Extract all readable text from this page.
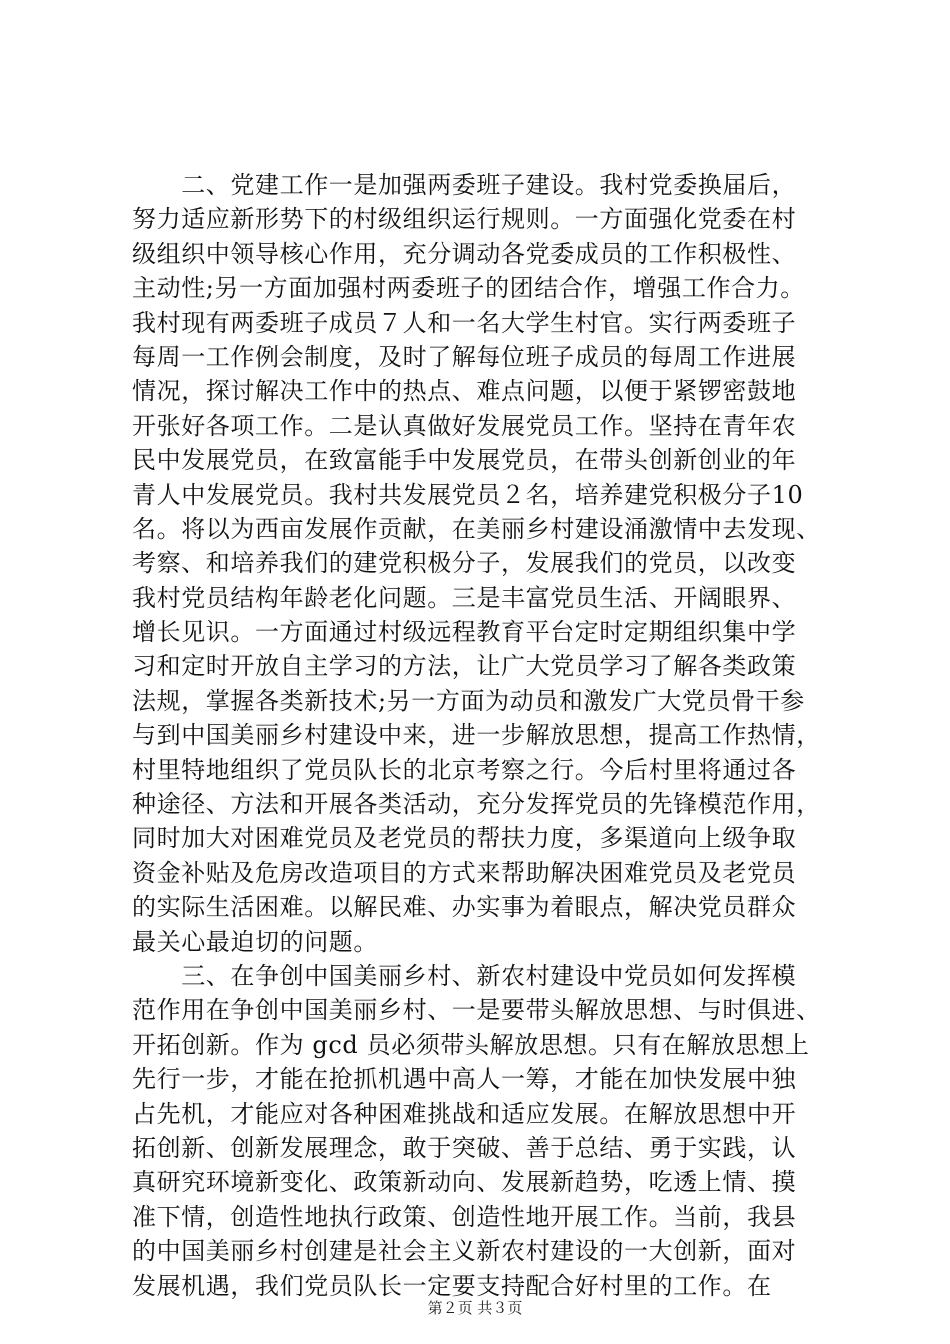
　　二、党建工作一是加强两委班子建设。我村党委换届后，
努力适应新形势下的村级组织运行规则。一方面强化党委在村
级组织中领导核心作用，充分调动各党委成员的工作积极性、
主动性;另一方面加强村两委班子的团结合作，增强工作合力。
我村现有两委班子成员７人和一名大学生村官。实行两委班子
每周一工作例会制度，及时了解每位班子成员的每周工作进展
情况，探讨解决工作中的热点、难点问题，以便于紧锣密鼓地
开张好各项工作。二是认真做好发展党员工作。坚持在青年农
民中发展党员，在致富能手中发展党员，在带头创新创业的年
青人中发展党员。我村共发展党员２名，培养建党积极分子10
名。将以为西亩发展作贡献，在美丽乡村建设涌激情中去发现、
考察、和培养我们的建党积极分子，发展我们的党员，以改变
我村党员结构年龄老化问题。三是丰富党员生活、开阔眼界、
增长见识。一方面通过村级远程教育平台定时定期组织集中学
习和定时开放自主学习的方法，让广大党员学习了解各类政策
法规，掌握各类新技术;另一方面为动员和激发广大党员骨干参
与到中国美丽乡村建设中来，进一步解放思想，提高工作热情，
村里特地组织了党员队长的北京考察之行。今后村里将通过各
种途径、方法和开展各类活动，充分发挥党员的先锋模范作用，
同时加大对困难党员及老党员的帮扶力度，多渠道向上级争取
资金补贴及危房改造项目的方式来帮助解决困难党员及老党员
的实际生活困难。以解民难、办实事为着眼点，解决党员群众
最关心最迫切的问题。
　　三、在争创中国美丽乡村、新农村建设中党员如何发挥模
范作用在争创中国美丽乡村、一是要带头解放思想、与时俱进、
开拓创新。作为 gcd 员必须带头解放思想。只有在解放思想上
先行一步，才能在抢抓机遇中高人一筹，才能在加快发展中独
占先机，才能应对各种困难挑战和适应发展。在解放思想中开
拓创新、创新发展理念，敢于突破、善于总结、勇于实践，认
真研究环境新变化、政策新动向、发展新趋势，吃透上情、摸
准下情，创造性地执行政策、创造性地开展工作。当前，我县
的中国美丽乡村创建是社会主义新农村建设的一大创新，面对
发展机遇，我们党员队长一定要支持配合好村里的工作。在
第２页 共３页
